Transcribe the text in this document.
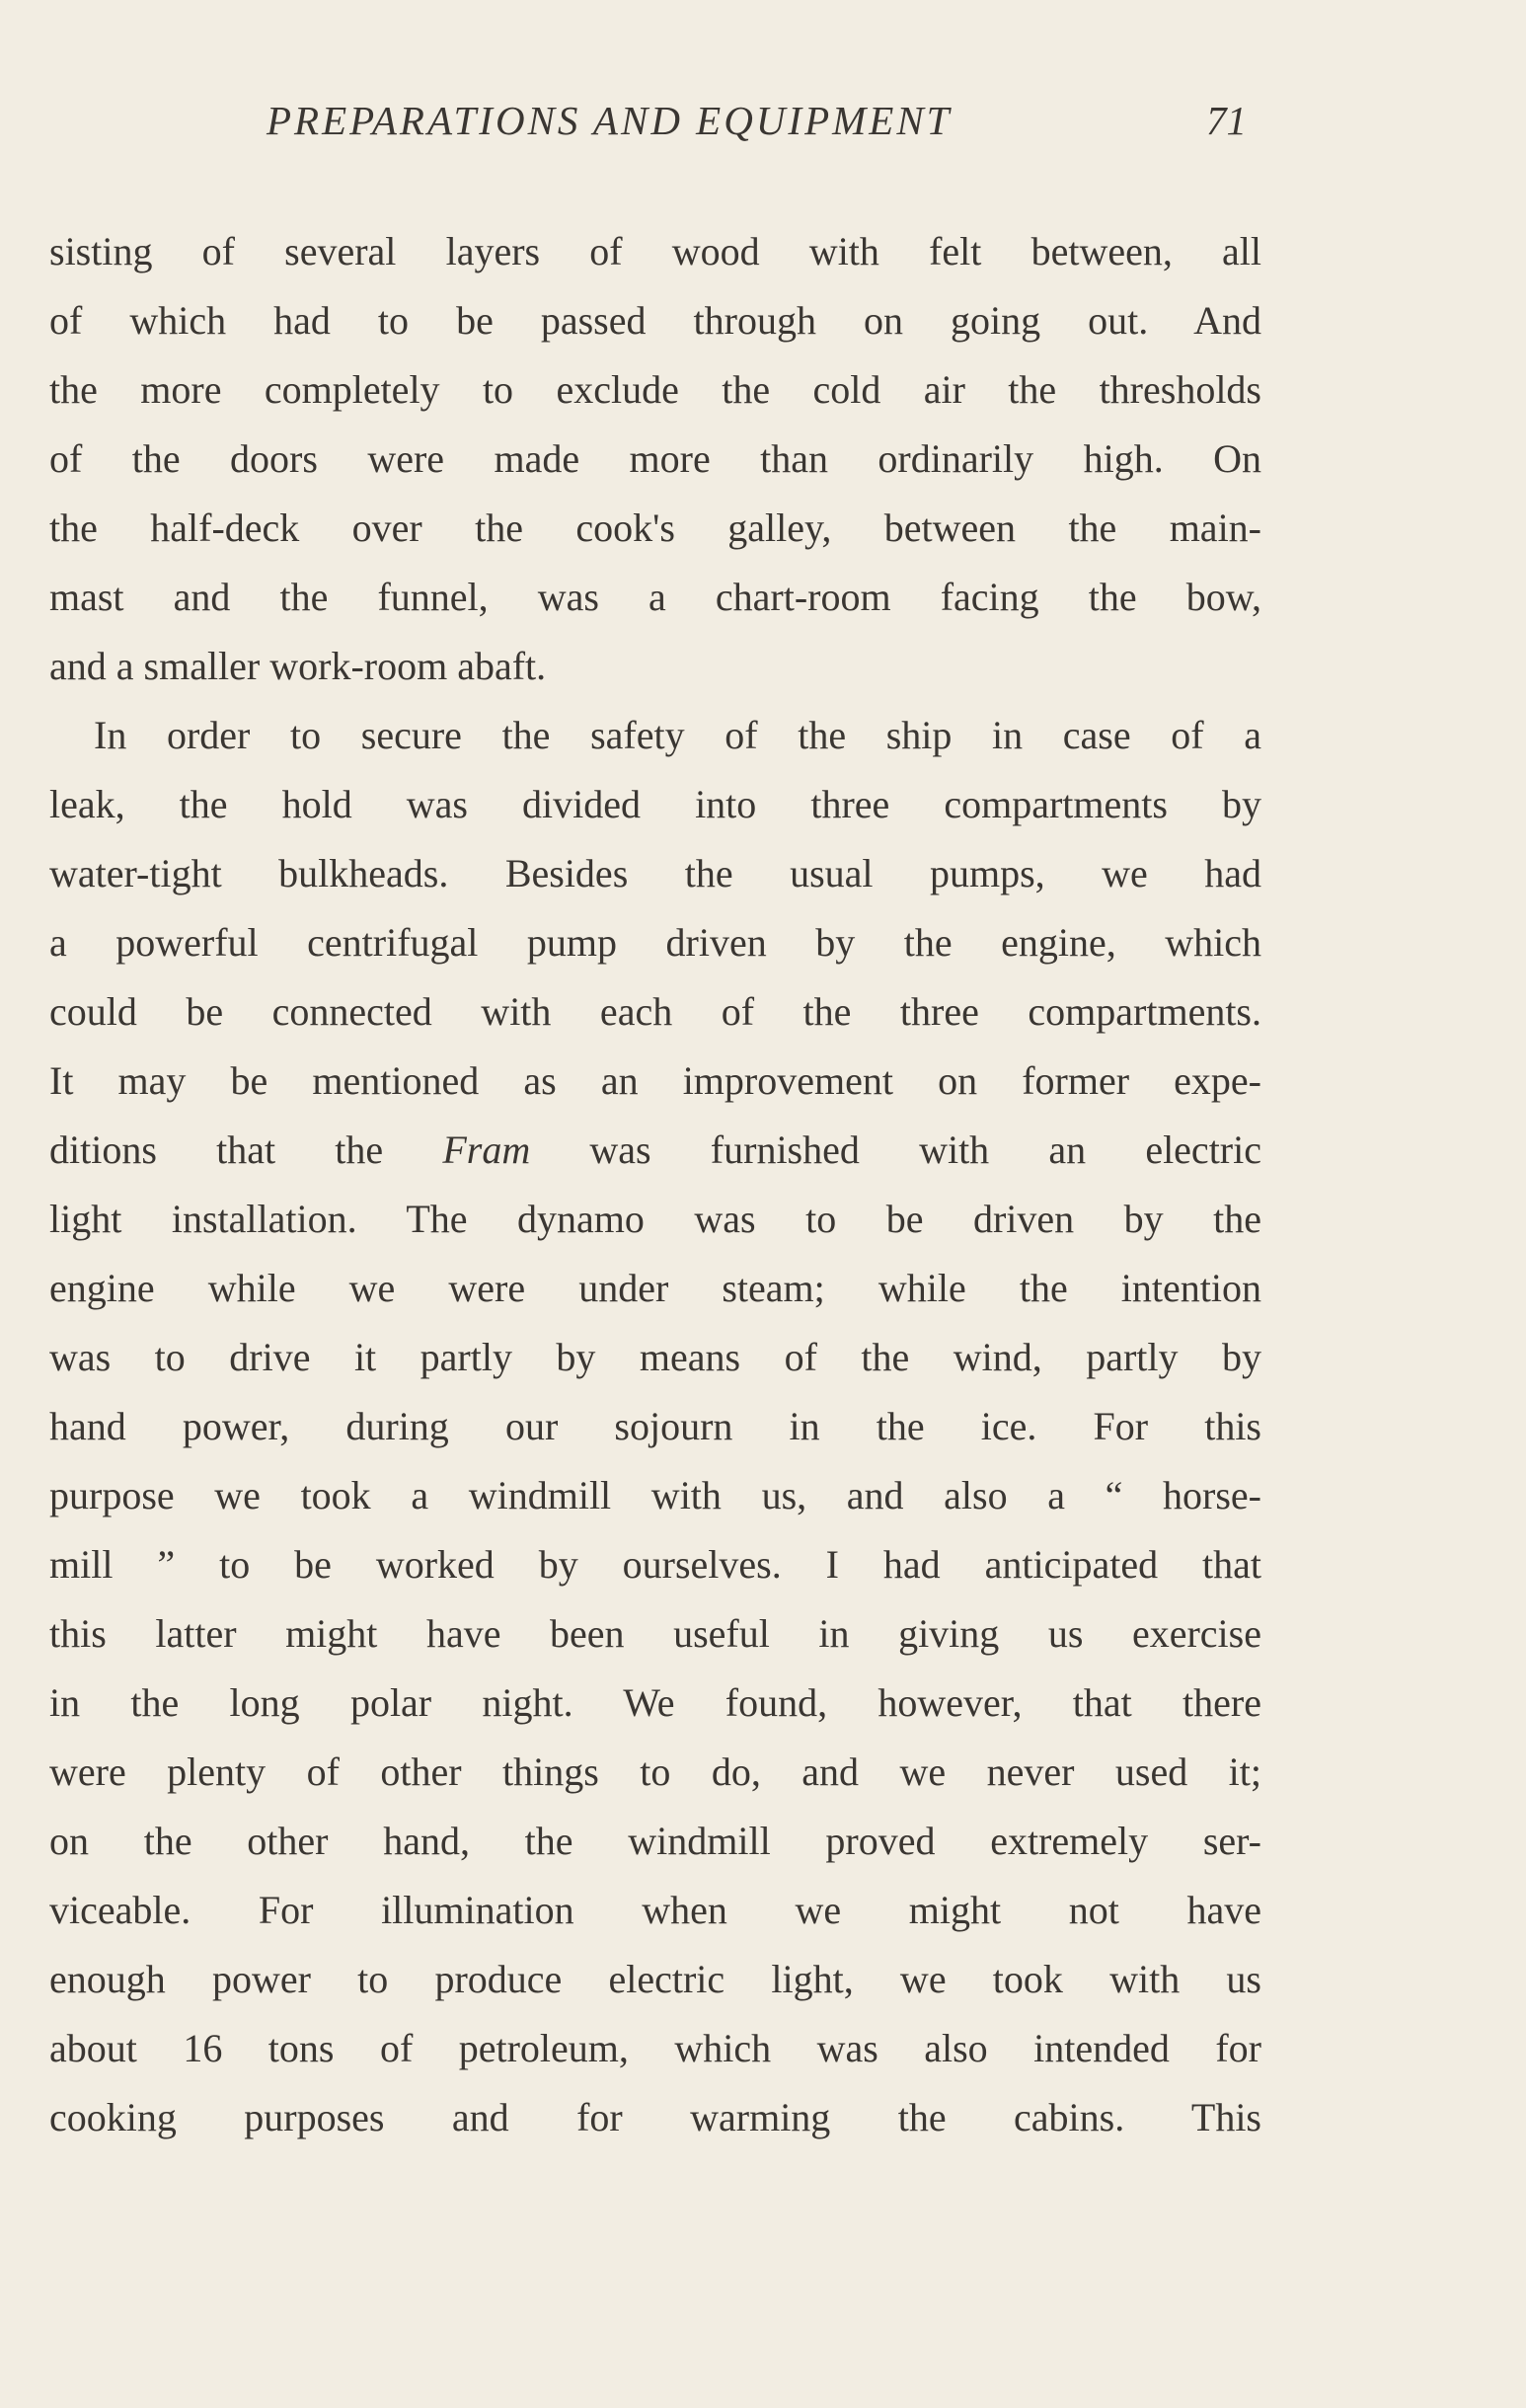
PREPARATIONS AND EQUIPMENT	71
sisting of several layers of wood with felt between, all
of which had to be passed through on going out. And
the more completely to exclude the cold air the thresholds
of the doors were made more than ordinarily high. On
the half-deck over the cook's galley, between the main-
mast and the funnel, was a chart-room facing the bow,
and a smaller work-room abaft.
In order to secure the safety of the ship in case of a
leak, the hold was divided into three compartments by
water-tight bulkheads. Besides the usual pumps, we had
a powerful centrifugal pump driven by the engine, which
could be connected with each of the three compartments.
It may be mentioned as an improvement on former expe-
ditions that the Fram was furnished with an electric
light installation. The dynamo was to be driven by the
engine while we were under steam; while the intention
was to drive it partly by means of the wind, partly by
hand power, during our sojourn in the ice. For this
purpose we took a windmill with us, and also a “ horse-
mill ” to be worked by ourselves. I had anticipated that
this latter might have been useful in giving us exercise
in the long polar night. We found, however, that there
were plenty of other things to do, and we never used it;
on the other hand, the windmill proved extremely ser-
viceable. For illumination when we might not have
enough power to produce electric light, we took with us
about 16 tons of petroleum, which was also intended for
cooking purposes and for warming the cabins. This
